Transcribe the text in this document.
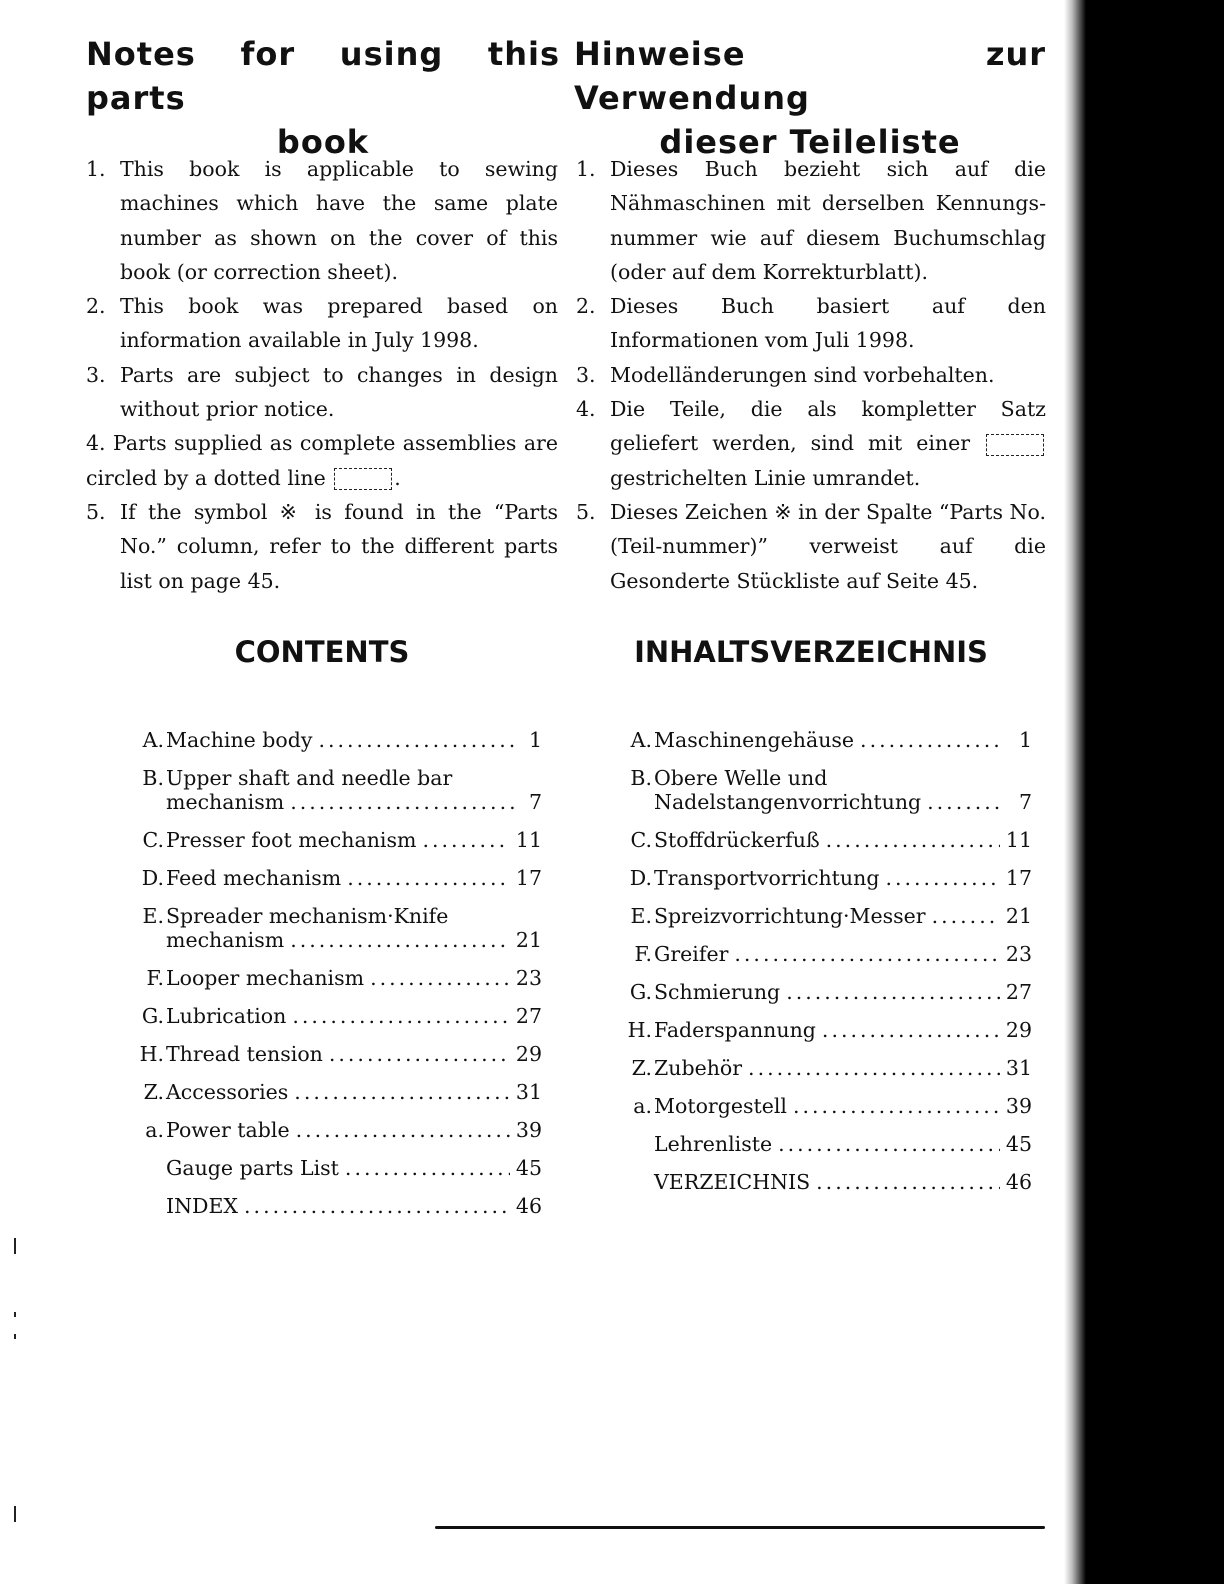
Notes for using this parts
book
Hinweise zur Verwendung
dieser Teileliste
1. This book is applicable to sewing machines which have the same plate number as shown on the cover of this book (or correction sheet).
2. This book was prepared based on information available in July 1998.
3. Parts are subject to changes in design without prior notice.
4. Parts supplied as complete assemblies are circled by a dotted line	.
5. If the symbol ※ is found in the “Parts No.” column, refer to the different parts list on page 45.
1. Dieses Buch bezieht sich auf die Nähmaschinen mit derselben Kennungs-nummer wie auf diesem Buchumschlag (oder auf dem Korrekturblatt).
2. Dieses Buch basiert auf den Informationen vom Juli 1998.
3. Modelländerungen sind vorbehalten.
4. Die Teile, die als kompletter Satz geliefert werden, sind mit einer  gestrichelten Linie umrandet.
5. Dieses Zeichen ※ in der Spalte “Parts No. (Teil-nummer)” verweist auf die Gesonderte Stückliste auf Seite 45.
CONTENTS	INHALTSVERZEICHNIS
A. Machine body .....	1
B. Upper shaft and needle bar
mechanism .....	7
C. Presser foot mechanism .....	11
D. Feed mechanism .....	17
E. Spreader mechanism·Knife
mechanism .....	21
F. Looper mechanism .....	23
G. Lubrication .....	27
H. Thread tension .....	29
Z. Accessories .....	31
a. Power table .....	39
Gauge parts List .....	45
INDEX .....	46
A. Maschinengehäuse .....	1
B. Obere Welle und
Nadelstangenvorrichtung .....	7
C. Stoffdrückerfuß .....	11
D. Transportvorrichtung .....	17
E. Spreizvorrichtung·Messer .....	21
F. Greifer .....	23
G. Schmierung .....	27
H. Faderspannung .....	29
Z. Zubehör .....	31
a. Motorgestell .....	39
Lehrenliste .....	45
VERZEICHNIS .....	46
